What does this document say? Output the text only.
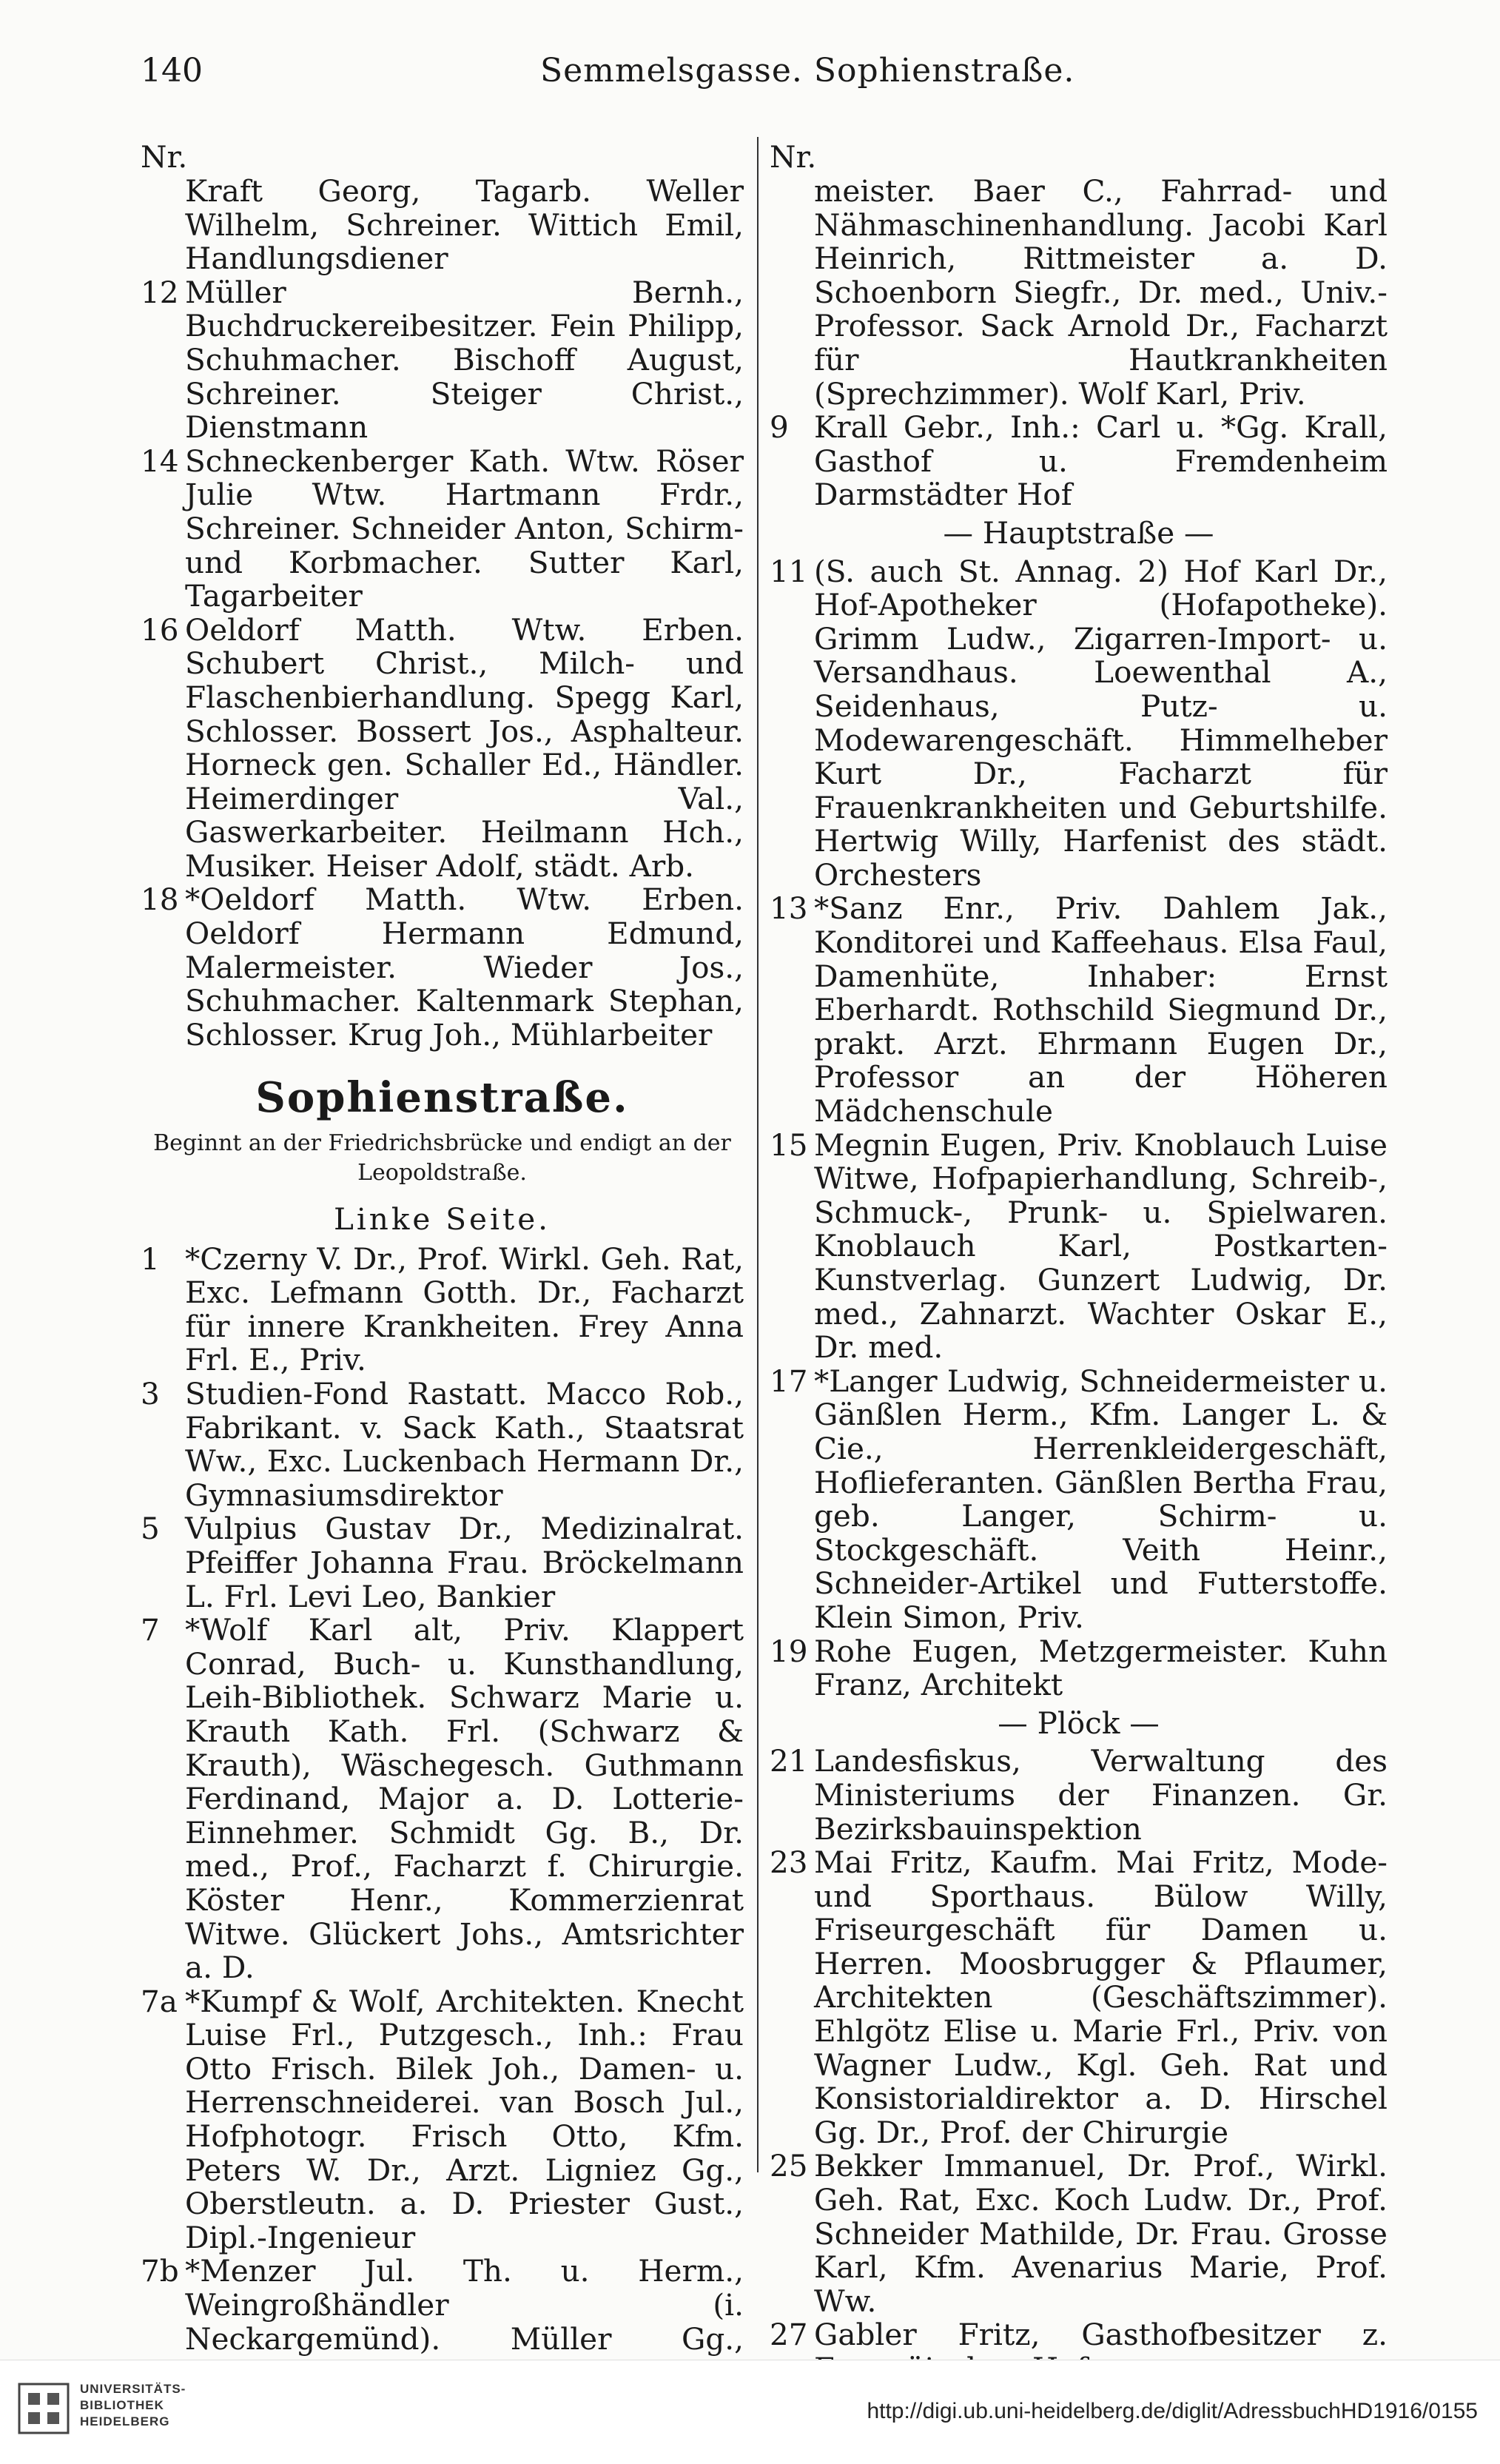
140	Semmelsgasse. Sophienstraße.
Nr.
Kraft Georg, Tagarb. Weller Wilhelm, Schreiner. Wittich Emil, Handlungsdiener
12 Müller Bernh., Buchdruckereibesitzer. Fein Philipp, Schuhmacher. Bischoff August, Schreiner. Steiger Christ., Dienstmann
14 Schneckenberger Kath. Wtw. Röser Julie Wtw. Hartmann Frdr., Schreiner. Schneider Anton, Schirm- und Korbmacher. Sutter Karl, Tagarbeiter
16 Oeldorf Matth. Wtw. Erben. Schubert Christ., Milch- und Flaschenbierhandlung. Spegg Karl, Schlosser. Bossert Jos., Asphalteur. Horneck gen. Schaller Ed., Händler. Heimerdinger Val., Gaswerkarbeiter. Heilmann Hch., Musiker. Heiser Adolf, städt. Arb.
18 *Oeldorf Matth. Wtw. Erben. Oeldorf Hermann Edmund, Malermeister. Wieder Jos., Schuhmacher. Kaltenmark Stephan, Schlosser. Krug Joh., Mühlarbeiter
Sophienstraße.
Beginnt an der Friedrichsbrücke und endigt an der Leopoldstraße.
Linke Seite.
1 *Czerny V. Dr., Prof. Wirkl. Geh. Rat, Exc. Lefmann Gotth. Dr., Facharzt für innere Krankheiten. Frey Anna Frl. E., Priv.
3 Studien-Fond Rastatt. Macco Rob., Fabrikant. v. Sack Kath., Staatsrat Ww., Exc. Luckenbach Hermann Dr., Gymnasiumsdirektor
5 Vulpius Gustav Dr., Medizinalrat. Pfeiffer Johanna Frau. Bröckelmann L. Frl. Levi Leo, Bankier
7 *Wolf Karl alt, Priv. Klappert Conrad, Buch- u. Kunsthandlung, Leih-Bibliothek. Schwarz Marie u. Krauth Kath. Frl. (Schwarz & Krauth), Wäschegesch. Guthmann Ferdinand, Major a. D. Lotterie-Einnehmer. Schmidt Gg. B., Dr. med., Prof., Facharzt f. Chirurgie. Köster Henr., Kommerzienrat Witwe. Glückert Johs., Amtsrichter a. D.
7a *Kumpf & Wolf, Architekten. Knecht Luise Frl., Putzgesch., Inh.: Frau Otto Frisch. Bilek Joh., Damen- u. Herrenschneiderei. van Bosch Jul., Hofphotogr. Frisch Otto, Kfm. Peters W. Dr., Arzt. Ligniez Gg., Oberstleutn. a. D. Priester Gust., Dipl.-Ingenieur
7b *Menzer Jul. Th. u. Herm., Weingroßhändler (i. Neckargemünd). Müller Gg.,
Nr.
meister. Baer C., Fahrrad- und Nähmaschinenhandlung. Jacobi Karl Heinrich, Rittmeister a. D. Schoenborn Siegfr., Dr. med., Univ.-Professor. Sack Arnold Dr., Facharzt für Hautkrankheiten (Sprechzimmer). Wolf Karl, Priv.
9 Krall Gebr., Inh.: Carl u. *Gg. Krall, Gasthof u. Fremdenheim Darmstädter Hof
— Hauptstraße —
11 (S. auch St. Annag. 2) Hof Karl Dr., Hof-Apotheker (Hofapotheke). Grimm Ludw., Zigarren-Import- u. Versandhaus. Loewenthal A., Seidenhaus, Putz- u. Modewarengeschäft. Himmelheber Kurt Dr., Facharzt für Frauenkrankheiten und Geburtshilfe. Hertwig Willy, Harfenist des städt. Orchesters
13 *Sanz Enr., Priv. Dahlem Jak., Konditorei und Kaffeehaus. Elsa Faul, Damenhüte, Inhaber: Ernst Eberhardt. Rothschild Siegmund Dr., prakt. Arzt. Ehrmann Eugen Dr., Professor an der Höheren Mädchenschule
15 Megnin Eugen, Priv. Knoblauch Luise Witwe, Hofpapierhandlung, Schreib-, Schmuck-, Prunk- u. Spielwaren. Knoblauch Karl, Postkarten-Kunstverlag. Gunzert Ludwig, Dr. med., Zahnarzt. Wachter Oskar E., Dr. med.
17 *Langer Ludwig, Schneidermeister u. Gänßlen Herm., Kfm. Langer L. & Cie., Herrenkleidergeschäft, Hoflieferanten. Gänßlen Bertha Frau, geb. Langer, Schirm- u. Stockgeschäft. Veith Heinr., Schneider-Artikel und Futterstoffe. Klein Simon, Priv.
19 Rohe Eugen, Metzgermeister. Kuhn Franz, Architekt
— Plöck —
21 Landesfiskus, Verwaltung des Ministeriums der Finanzen. Gr. Bezirksbauinspektion
23 Mai Fritz, Kaufm. Mai Fritz, Mode- und Sporthaus. Bülow Willy, Friseurgeschäft für Damen u. Herren. Moosbrugger & Pflaumer, Architekten (Geschäftszimmer). Ehlgötz Elise u. Marie Frl., Priv. von Wagner Ludw., Kgl. Geh. Rat und Konsistorialdirektor a. D. Hirschel Gg. Dr., Prof. der Chirurgie
25 Bekker Immanuel, Dr. Prof., Wirkl. Geh. Rat, Exc. Koch Ludw. Dr., Prof. Schneider Mathilde, Dr. Frau. Grosse Karl, Kfm. Avenarius Marie, Prof. Ww.
27 Gabler Fritz, Gasthofbesitzer z.
UNIVERSITÄTS-
BIBLIOTHEK
HEIDELBERG	http://digi.ub.uni-heidelberg.de/diglit/AdressbuchHD1916/0155
